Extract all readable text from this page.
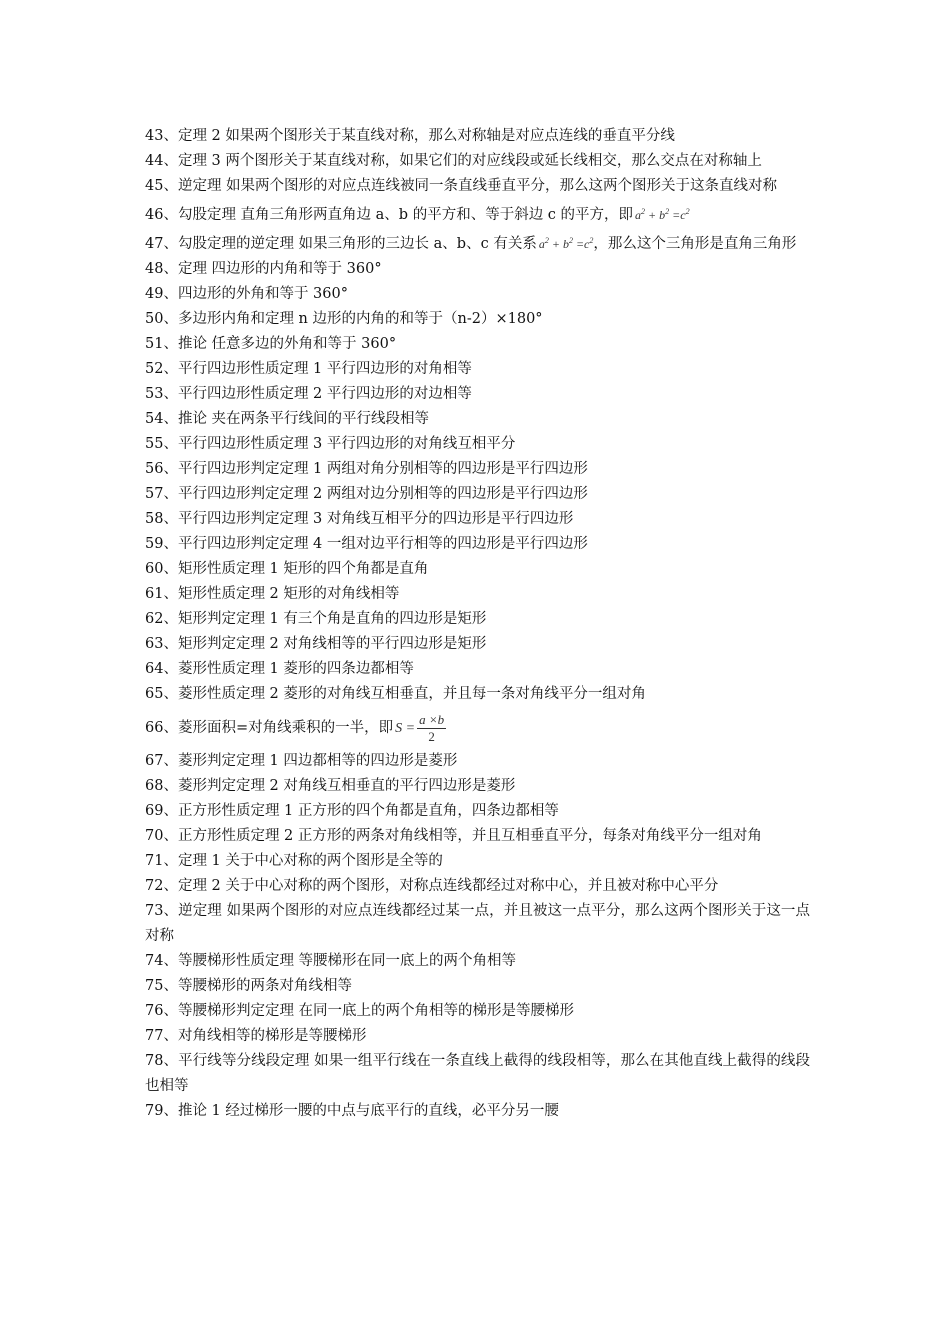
43、定理 2 如果两个图形关于某直线对称，那么对称轴是对应点连线的垂直平分线
44、定理 3 两个图形关于某直线对称，如果它们的对应线段或延长线相交，那么交点在对称轴上
45、逆定理 如果两个图形的对应点连线被同一条直线垂直平分，那么这两个图形关于这条直线对称
46、勾股定理 直角三角形两直角边 a、b 的平方和、等于斜边 c 的平方，即 $a^2 + b^2 =c^2$
47、勾股定理的逆定理 如果三角形的三边长 a、b、c 有关系 $a^2 + b^2 =c^2$，那么这个三角形是直角三角形
48、定理 四边形的内角和等于 360°
49、四边形的外角和等于 360°
50、多边形内角和定理 n 边形的内角的和等于（n-2）×180°
51、推论 任意多边的外角和等于 360°
52、平行四边形性质定理 1 平行四边形的对角相等
53、平行四边形性质定理 2 平行四边形的对边相等
54、推论 夹在两条平行线间的平行线段相等
55、平行四边形性质定理 3 平行四边形的对角线互相平分
56、平行四边形判定定理 1 两组对角分别相等的四边形是平行四边形
57、平行四边形判定定理 2 两组对边分别相等的四边形是平行四边形
58、平行四边形判定定理 3 对角线互相平分的四边形是平行四边形
59、平行四边形判定定理 4 一组对边平行相等的四边形是平行四边形
60、矩形性质定理 1 矩形的四个角都是直角
61、矩形性质定理 2 矩形的对角线相等
62、矩形判定定理 1 有三个角是直角的四边形是矩形
63、矩形判定定理 2 对角线相等的平行四边形是矩形
64、菱形性质定理 1 菱形的四条边都相等
65、菱形性质定理 2 菱形的对角线互相垂直，并且每一条对角线平分一组对角
66、菱形面积=对角线乘积的一半，即 $S = \frac{a \times b}{2}$
67、菱形判定定理 1 四边都相等的四边形是菱形
68、菱形判定定理 2 对角线互相垂直的平行四边形是菱形
69、正方形性质定理 1 正方形的四个角都是直角，四条边都相等
70、正方形性质定理 2 正方形的两条对角线相等，并且互相垂直平分，每条对角线平分一组对角
71、定理 1 关于中心对称的两个图形是全等的
72、定理 2 关于中心对称的两个图形，对称点连线都经过对称中心，并且被对称中心平分
73、逆定理 如果两个图形的对应点连线都经过某一点，并且被这一点平分，那么这两个图形关于这一点对称
74、等腰梯形性质定理 等腰梯形在同一底上的两个角相等
75、等腰梯形的两条对角线相等
76、等腰梯形判定定理 在同一底上的两个角相等的梯形是等腰梯形
77、对角线相等的梯形是等腰梯形
78、平行线等分线段定理 如果一组平行线在一条直线上截得的线段相等，那么在其他直线上截得的线段也相等
79、推论 1 经过梯形一腰的中点与底平行的直线，必平分另一腰
